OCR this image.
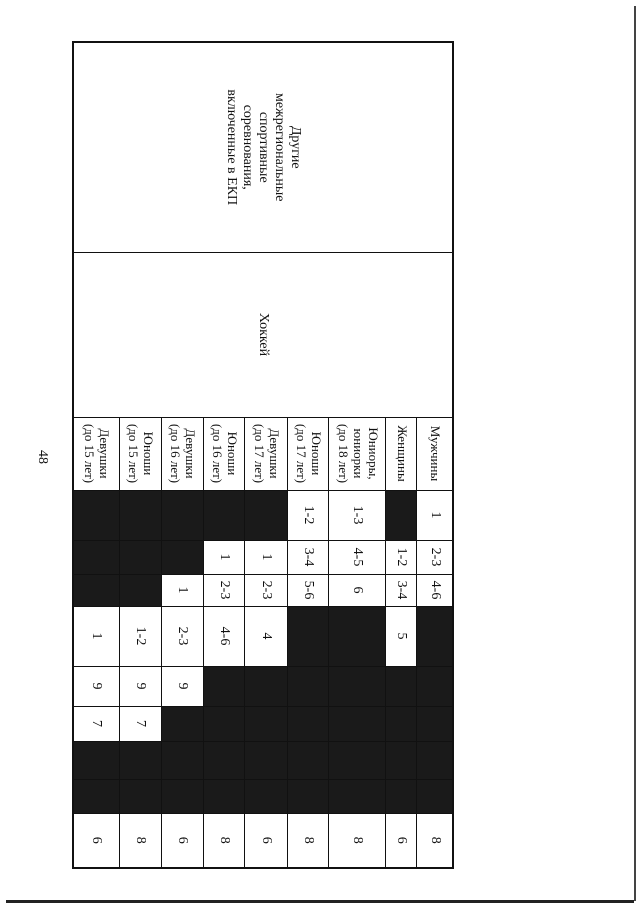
48
Другие межрегиональные спортивные соревнования, включенные в ЕКП	Хоккей	Мужчины	1	2-3	4-6						8
		Женщины		1-2	3-4	5					6
		Юниоры, юниорки (до 18 лет)	1-3	4-5	6						8
		Юноши (до 17 лет)	1-2	3-4	5-6						8
		Девушки (до 17 лет)		1	2-3	4					6
		Юноши (до 16 лет)		1	2-3	4-6					8
		Девушки (до 16 лет)			1	2-3	9				6
		Юноши (до 15 лет)				1-2	9	7			8
		Девушки (до 15 лет)				1	9	7			6
